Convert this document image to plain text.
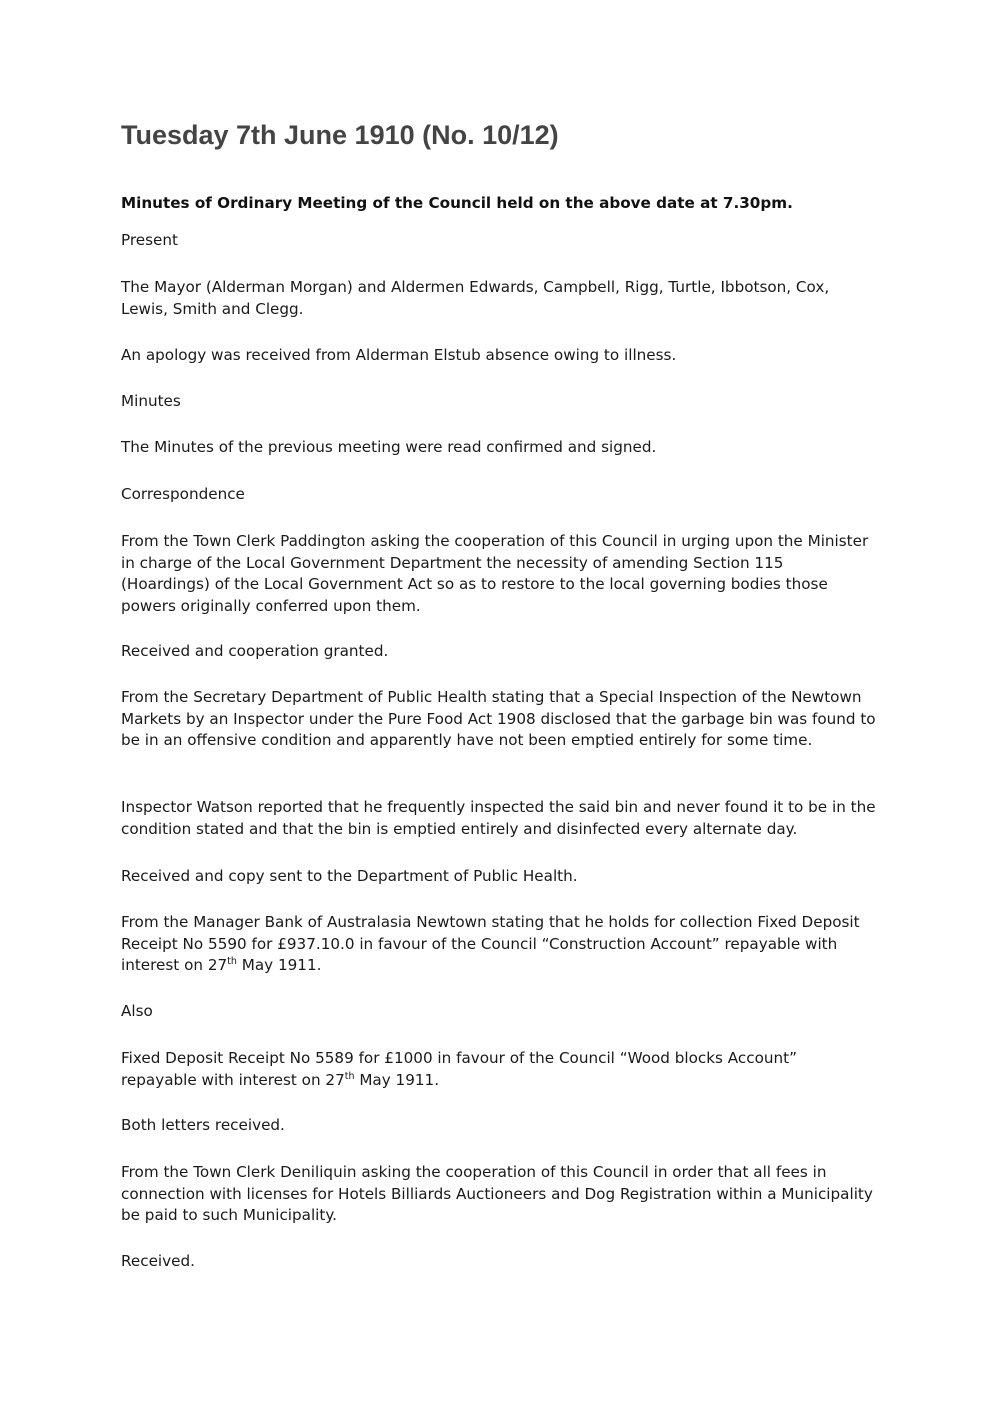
Tuesday 7th June 1910 (No. 10/12)

Minutes of Ordinary Meeting of the Council held on the above date at 7.30pm.

Present

The Mayor (Alderman Morgan) and Aldermen Edwards, Campbell, Rigg, Turtle, Ibbotson, Cox, Lewis, Smith and Clegg.

An apology was received from Alderman Elstub absence owing to illness.

Minutes

The Minutes of the previous meeting were read confirmed and signed.

Correspondence

From the Town Clerk Paddington asking the cooperation of this Council in urging upon the Minister in charge of the Local Government Department the necessity of amending Section 115 (Hoardings) of the Local Government Act so as to restore to the local governing bodies those powers originally conferred upon them.

Received and cooperation granted.

From the Secretary Department of Public Health stating that a Special Inspection of the Newtown Markets by an Inspector under the Pure Food Act 1908 disclosed that the garbage bin was found to be in an offensive condition and apparently have not been emptied entirely for some time.

Inspector Watson reported that he frequently inspected the said bin and never found it to be in the condition stated and that the bin is emptied entirely and disinfected every alternate day.

Received and copy sent to the Department of Public Health.

From the Manager Bank of Australasia Newtown stating that he holds for collection Fixed Deposit Receipt No 5590 for £937.10.0 in favour of the Council “Construction Account” repayable with interest on 27th May 1911.

Also

Fixed Deposit Receipt No 5589 for £1000 in favour of the Council “Wood blocks Account” repayable with interest on 27th May 1911.

Both letters received.

From the Town Clerk Deniliquin asking the cooperation of this Council in order that all fees in connection with licenses for Hotels Billiards Auctioneers and Dog Registration within a Municipality be paid to such Municipality.

Received.
